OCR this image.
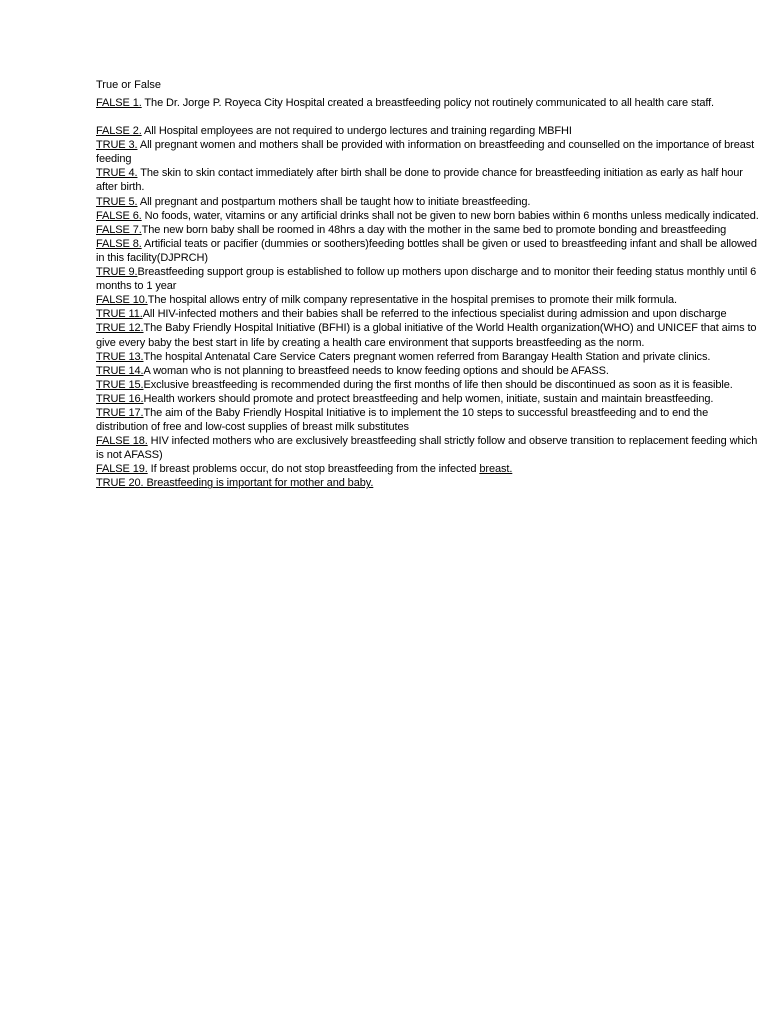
True or False

FALSE 1. The Dr. Jorge P. Royeca City Hospital created a breastfeeding policy not routinely communicated to all health care staff.

FALSE 2. All Hospital employees are not required to undergo lectures and training regarding MBFHI

TRUE 3. All pregnant women and mothers shall be provided with information on breastfeeding and counselled on the importance of breast feeding

TRUE 4. The skin to skin contact immediately after birth shall be done to provide chance for breastfeeding initiation as early as half hour after birth.

TRUE 5. All pregnant and postpartum mothers shall be taught how to initiate breastfeeding.

FALSE 6. No foods, water, vitamins or any artificial drinks shall not be given to new born babies within 6 months unless medically indicated.

FALSE 7.The new born baby shall be roomed in 48hrs a day with the mother in the same bed to promote bonding and breastfeeding

FALSE 8. Artificial teats or pacifier (dummies or soothers)feeding bottles shall be given or used to breastfeeding infant and shall be allowed in this facility(DJPRCH)

TRUE 9.Breastfeeding support group is established to follow up mothers upon discharge and to monitor their feeding status monthly until 6 months to 1 year

FALSE 10.The hospital allows entry of milk company representative in the hospital premises to promote their milk formula.

TRUE 11.All HIV-infected mothers and their babies shall be referred to the infectious specialist during admission and upon discharge

TRUE 12.The Baby Friendly Hospital Initiative (BFHI) is a global initiative of the World Health organization(WHO) and UNICEF that aims to give every baby the best start in life by creating a health care environment that supports breastfeeding as the norm.

TRUE 13.The hospital Antenatal Care Service Caters pregnant women referred from Barangay Health Station and private clinics.

TRUE 14.A woman who is not planning to breastfeed needs to know feeding options and should be AFASS.

TRUE 15.Exclusive breastfeeding is recommended during the first months of life then should be discontinued as soon as it is feasible.

TRUE 16.Health workers should promote and protect breastfeeding and help women, initiate, sustain and maintain breastfeeding.

TRUE 17.The aim of the Baby Friendly Hospital Initiative is to implement the 10 steps to successful breastfeeding and to end the distribution of free and low-cost supplies of breast milk substitutes

FALSE 18. HIV infected mothers who are exclusively breastfeeding shall strictly follow and observe transition to replacement feeding which is not AFASS)

FALSE 19. If breast problems occur, do not stop breastfeeding from the infected breast.

TRUE 20. Breastfeeding is important for mother and baby.
